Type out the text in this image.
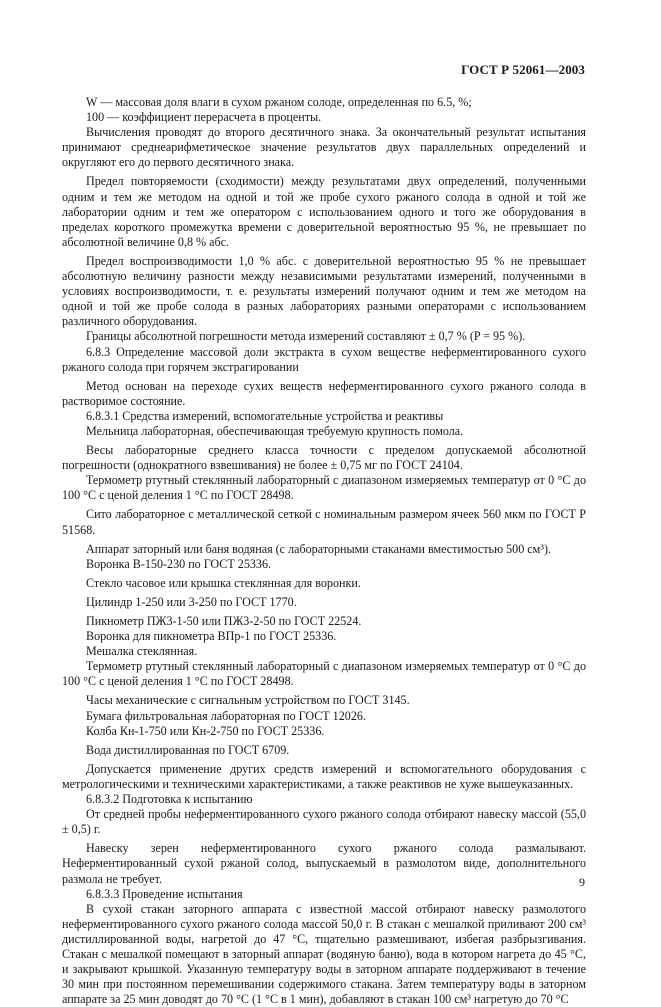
ГОСТ Р 52061—2003

W — массовая доля влаги в сухом ржаном солоде, определенная по 6.5, %;

100 — коэффициент перерасчета в проценты.

Вычисления проводят до второго десятичного знака. За окончательный результат испытания принимают среднеарифметическое значение результатов двух параллельных определений и округляют его до первого десятичного знака.

Предел повторяемости (сходимости) между результатами двух определений, полученными одним и тем же методом на одной и той же пробе сухого ржаного солода в одной и той же лаборатории одним и тем же оператором с использованием одного и того же оборудования в пределах короткого промежутка времени с доверительной вероятностью 95 %, не превышает по абсолютной величине 0,8 % абс.

Предел воспроизводимости 1,0 % абс. с доверительной вероятностью 95 % не превышает абсолютную величину разности между независимыми результатами измерений, полученными в условиях воспроизводимости, т. е. результаты измерений получают одним и тем же методом на одной и той же пробе солода в разных лабораториях разными операторами с использованием различного оборудования.

Границы абсолютной погрешности метода измерений составляют ± 0,7 % (P = 95 %).

6.8.3 Определение массовой доли экстракта в сухом веществе неферментированного сухого ржаного солода при горячем экстрагировании

Метод основан на переходе сухих веществ неферментированного сухого ржаного солода в растворимое состояние.

6.8.3.1 Средства измерений, вспомогательные устройства и реактивы

Мельница лабораторная, обеспечивающая требуемую крупность помола.

Весы лабораторные среднего класса точности с пределом допускаемой абсолютной погрешности (однократного взвешивания) не более ± 0,75 мг по ГОСТ 24104.

Термометр ртутный стеклянный лабораторный с диапазоном измеряемых температур от 0 °С до 100 °С с ценой деления 1 °С по ГОСТ 28498.

Сито лабораторное с металлической сеткой с номинальным размером ячеек 560 мкм по ГОСТ Р 51568.

Аппарат заторный или баня водяная (с лабораторными стаканами вместимостью 500 см³).

Воронка В-150-230 по ГОСТ 25336.

Стекло часовое или крышка стеклянная для воронки.

Цилиндр 1-250 или 3-250 по ГОСТ 1770.

Пикнометр ПЖ3-1-50 или ПЖ3-2-50 по ГОСТ 22524.

Воронка для пикнометра ВПр-1 по ГОСТ 25336.

Мешалка стеклянная.

Термометр ртутный стеклянный лабораторный с диапазоном измеряемых температур от 0 °С до 100 °С с ценой деления 1 °С по ГОСТ 28498.

Часы механические с сигнальным устройством по ГОСТ 3145.

Бумага фильтровальная лабораторная по ГОСТ 12026.

Колба Кн-1-750 или Кн-2-750 по ГОСТ 25336.

Вода дистиллированная по ГОСТ 6709.

Допускается применение других средств измерений и вспомогательного оборудования с метрологическими и техническими характеристиками, а также реактивов не хуже вышеуказанных.

6.8.3.2 Подготовка к испытанию

От средней пробы неферментированного сухого ржаного солода отбирают навеску массой (55,0 ± 0,5) г.

Навеску зерен неферментированного сухого ржаного солода размалывают. Неферментированный сухой ржаной солод, выпускаемый в размолотом виде, дополнительного размола не требует.

6.8.3.3 Проведение испытания

В сухой стакан заторного аппарата с известной массой отбирают навеску размолотого неферментированного сухого ржаного солода массой 50,0 г. В стакан с мешалкой приливают 200 см³ дистиллированной воды, нагретой до 47 °С, тщательно размешивают, избегая разбрызгивания. Стакан с мешалкой помещают в заторный аппарат (водяную баню), вода в котором нагрета до 45 °С, и закрывают крышкой. Указанную температуру воды в заторном аппарате поддерживают в течение 30 мин при постоянном перемешивании содержимого стакана. Затем температуру воды в заторном аппарате за 25 мин доводят до 70 °С (1 °С в 1 мин), добавляют в стакан 100 см³ нагретую до 70 °С

9
